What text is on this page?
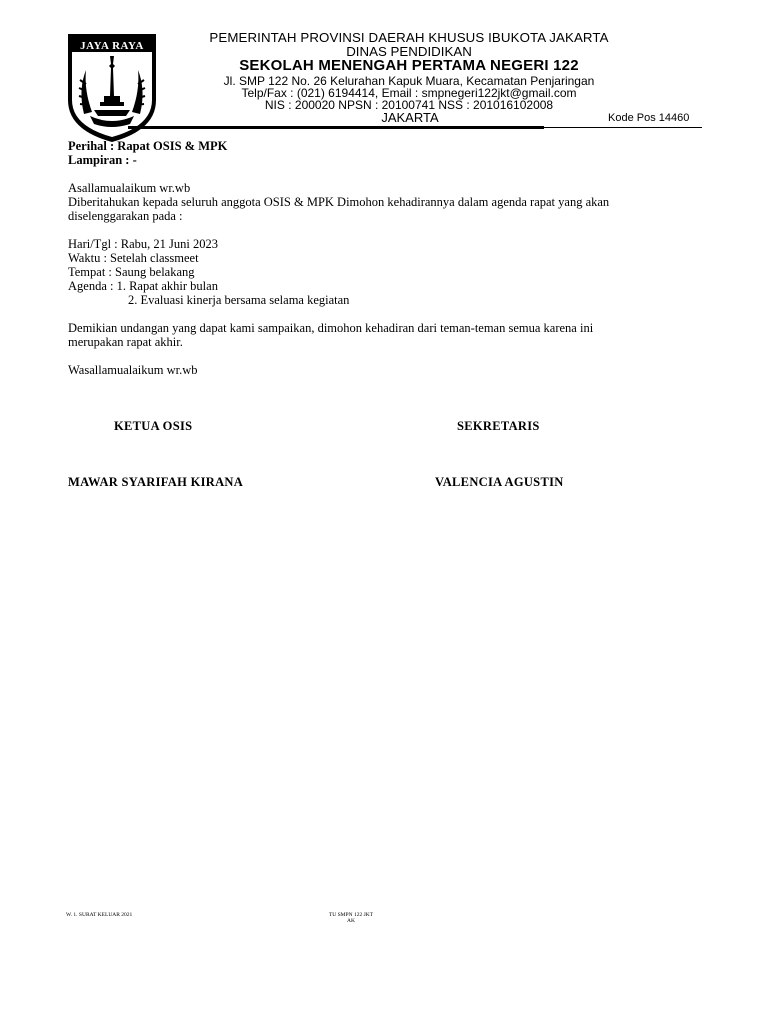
JAYA RAYA
PEMERINTAH PROVINSI DAERAH KHUSUS IBUKOTA JAKARTA
DINAS PENDIDIKAN
SEKOLAH MENENGAH PERTAMA NEGERI 122
Jl. SMP 122 No. 26 Kelurahan Kapuk Muara, Kecamatan Penjaringan
Telp/Fax : (021) 6194414, Email : smpnegeri122jkt@gmail.com
NIS : 200020 NPSN : 20100741 NSS : 201016102008
JAKARTA	Kode Pos 14460
Perihal : Rapat OSIS & MPK
Lampiran : -
Asallamualaikum wr.wb
Diberitahukan kepada seluruh anggota OSIS & MPK Dimohon kehadirannya dalam agenda rapat yang akan
diselenggarakan pada :
Hari/Tgl : Rabu, 21 Juni 2023
Waktu : Setelah classmeet
Tempat : Saung belakang
Agenda : 1. Rapat akhir bulan
2. Evaluasi kinerja bersama selama kegiatan
Demikian undangan yang dapat kami sampaikan, dimohon kehadiran dari teman-teman semua karena ini
merupakan rapat akhir.
Wasallamualaikum wr.wb
KETUA OSIS	SEKRETARIS
MAWAR SYARIFAH KIRANA	VALENCIA AGUSTIN
W. 1. SURAT KELUAR 2021	TU SMPN 122 JKT
AK
